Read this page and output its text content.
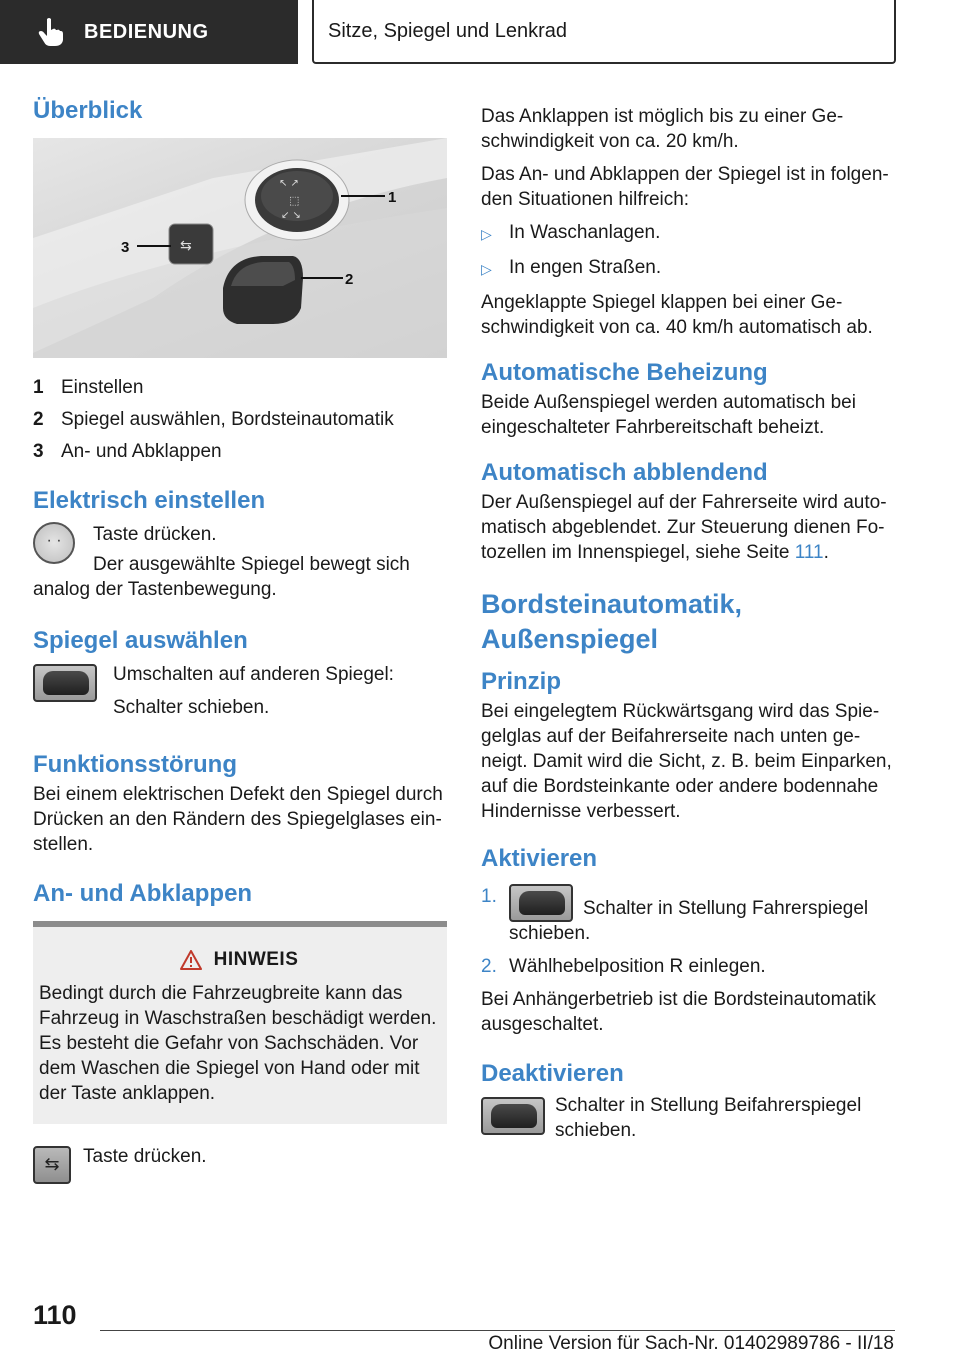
BEDIENUNG	Sitze, Spiegel und Lenkrad
Überblick
↖ ↗
⬚
↙ ↘
1
⇆
3
2
1 Einstellen
2 Spiegel auswählen, Bordsteinautomatik
3 An- und Abklappen
Elektrisch einstellen
· ·

Taste drücken.

Der ausgewählte Spiegel bewegt sich analog der Tastenbewegung.

Spiegel auswählen

Umschalten auf anderen Spiegel:

Schalter schieben.

Funktionsstörung

Bei einem elektrischen Defekt den Spiegel durch Drücken an den Rändern des Spiegelglases einstellen.

An- und Abklappen
HINWEIS

Bedingt durch die Fahrzeugbreite kann das Fahrzeug in Waschstraßen beschädigt werden. Es besteht die Gefahr von Sachschäden. Vor dem Waschen die Spiegel von Hand oder mit der Taste anklappen.

⇆

Taste drücken.

Das Anklappen ist möglich bis zu einer Geschwindigkeit von ca. 20 km/h.

Das An- und Abklappen der Spiegel ist in folgenden Situationen hilfreich:

▷ In Waschanlagen.
▷ In engen Straßen.

Angeklappte Spiegel klappen bei einer Geschwindigkeit von ca. 40 km/h automatisch ab.

Automatische Beheizung

Beide Außenspiegel werden automatisch bei eingeschalteter Fahrbereitschaft beheizt.

Automatisch abblendend

Der Außenspiegel auf der Fahrerseite wird automatisch abgeblendet. Zur Steuerung dienen Fotozellen im Innenspiegel, siehe Seite 111.

Bordsteinautomatik,
Außenspiegel
Prinzip

Bei eingelegtem Rückwärtsgang wird das Spiegelglas auf der Beifahrerseite nach unten geneigt. Damit wird die Sicht, z. B. beim Einparken, auf die Bordsteinkante oder andere bodennahe Hindernisse verbessert.

Aktivieren
1.
Schalter in Stellung Fahrerspiegel schieben.
2. Wählhebelposition R einlegen.

Bei Anhängerbetrieb ist die Bordsteinautomatik ausgeschaltet.

Deaktivieren

Schalter in Stellung Beifahrerspiegel schieben.

110
Online Version für Sach-Nr. 01402989786 - II/18
